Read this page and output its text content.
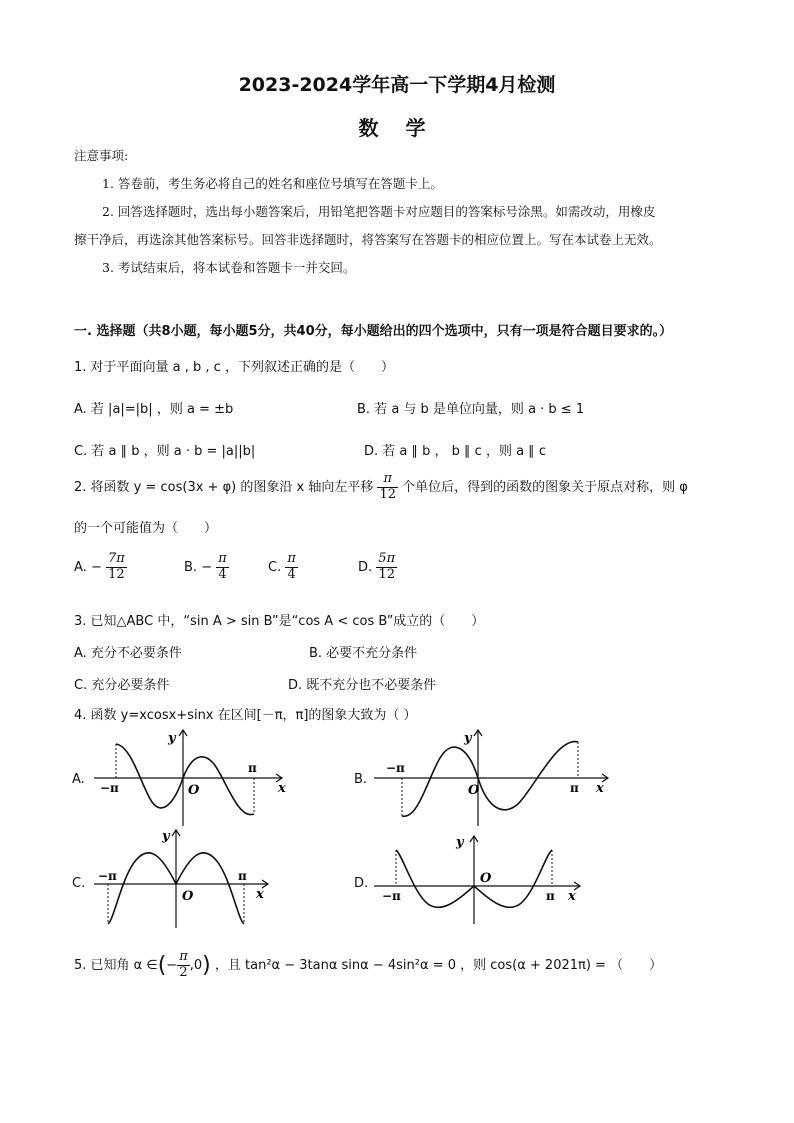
2023-2024学年高一下学期4月检测
数 学
注意事项:
1. 答卷前，考生务必将自己的姓名和座位号填写在答题卡上。
2. 回答选择题时，选出每小题答案后，用铅笔把答题卡对应题目的答案标号涂黑。如需改动，用橡皮
擦干净后，再选涂其他答案标号。回答非选择题时，将答案写在答题卡的相应位置上。写在本试卷上无效。
3. 考试结束后，将本试卷和答题卡一并交回。
一. 选择题（共8小题，每小题5分，共40分，每小题给出的四个选项中，只有一项是符合题目要求的。）
1. 对于平面向量 a , b , c ，下列叙述正确的是（　　）
A. 若 |a|=|b| ，则 a = ±b	B. 若 a 与 b 是单位向量，则 a · b ≤ 1
C. 若 a ∥ b ，则 a · b = |a||b|	D. 若 a ∥ b ， b ∥ c ，则 a ∥ c
2. 将函数 y = cos(3x + φ) 的图象沿 x 轴向左平移 $\frac{\pi}{12}$ 个单位后，得到的函数的图象关于原点对称，则 φ
的一个可能值为（　　）
A. − $\frac{7\pi}{12}$	B. − $\frac{\pi}{4}$	C. $\frac{\pi}{4}$	D. $\frac{5\pi}{12}$
3. 已知△ABC 中，“sin A > sin B”是“cos A < cos B”成立的（　　）
A. 充分不必要条件	B. 必要不充分条件
C. 充分必要条件	D. 既不充分也不必要条件
4. 函数 y=xcosx+sinx 在区间[－π，π]的图象大致为（ ）
A.
y
x
O
−π
π
B.
y
x
O
−π
π
C.
y
x
O
−π	π	D.
y
x
O
−π	π
5. 已知角 α ∈(− $\frac{\pi}{2} ,0$) ，且 tan²α − 3tanα sinα − 4sin²α = 0 ，则 cos(α + 2021π) = （　　）
